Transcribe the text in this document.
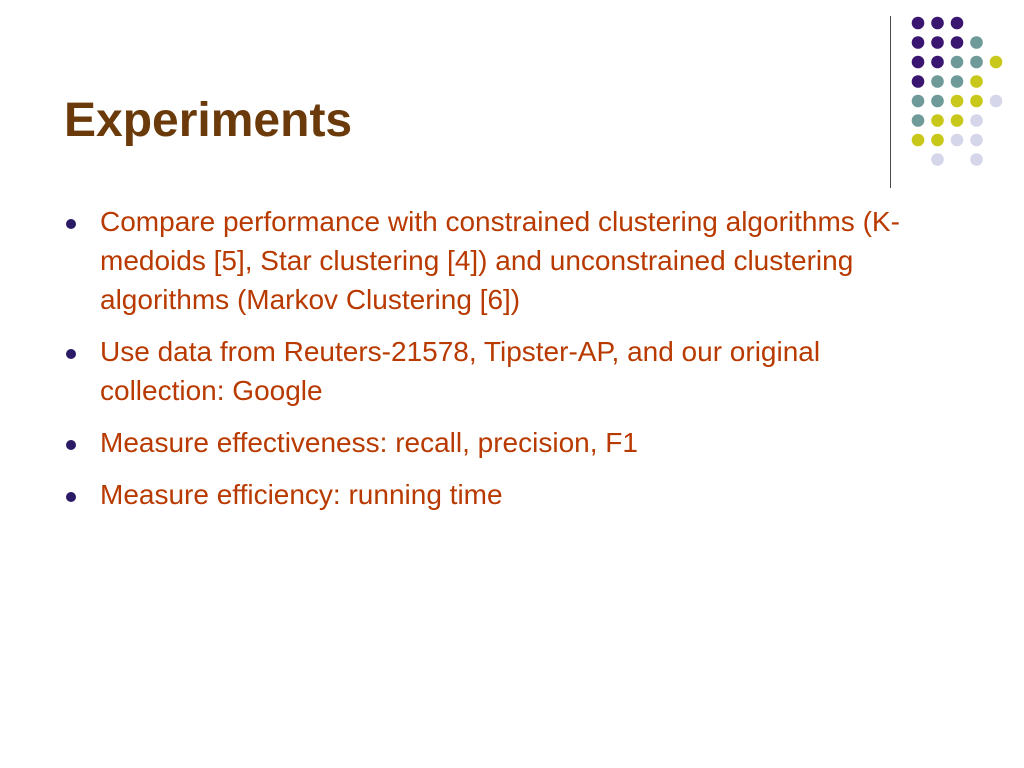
Experiments
Compare performance with constrained clustering algorithms (K-medoids [5], Star clustering [4]) and unconstrained clustering algorithms (Markov Clustering [6])
Use data from Reuters-21578, Tipster-AP, and our original collection: Google
Measure effectiveness: recall, precision, F1
Measure efficiency: running time
